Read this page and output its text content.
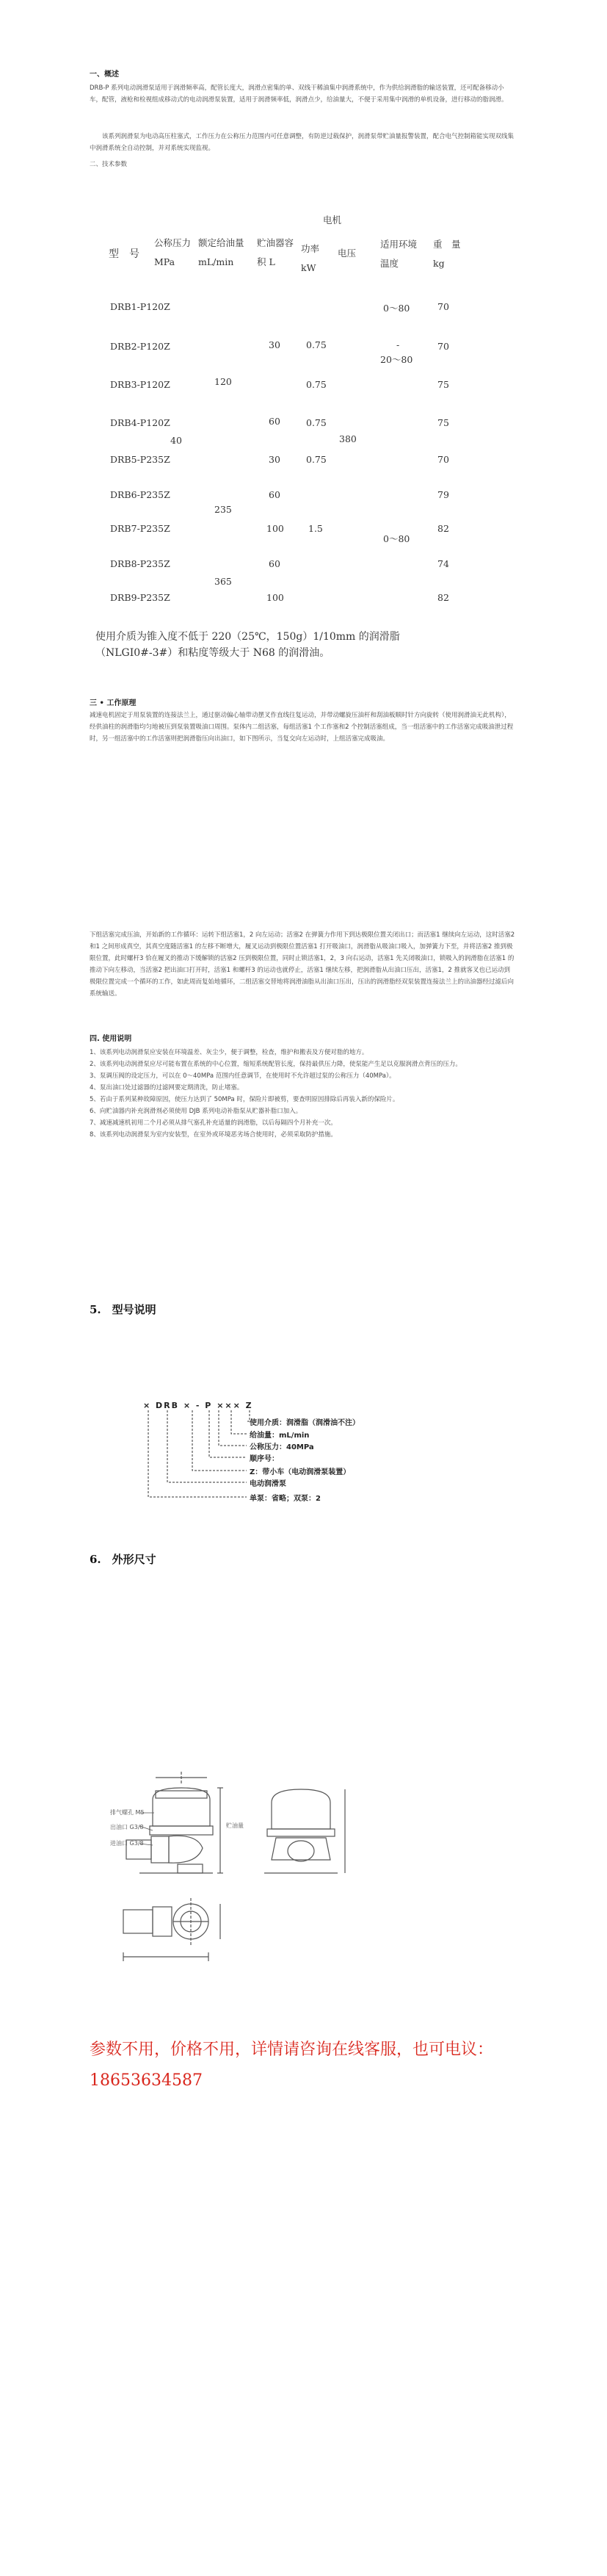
一、概述
DRB-P 系列电动润滑泵适用于润滑频率高，配管长度大，润滑点密集的单、双线干稀油集中润滑系统中，作为供给润滑脂的输送装置，还可配备移动小车，配管，液枪和检视组成移动式的电动润滑泵装置，适用于润滑频率低，润滑点少，给油量大，不便于采用集中润滑的单机设备，进行移动的脂润滑。
该系列润滑泵为电动高压柱塞式，工作压力在公称压力范围内可任意调整，有防逆过载保护，润滑泵带贮油量报警装置，配合电气控制箱能实现双线集中润滑系统全自动控制，并对系统实现监视。
二、技术参数
型　号
公称压力 MPa
额定给油量 mL/min
贮油器容积 L
电机
功率 kW
电压
适用环境温度
重　量 kg
DRB1-P120Z
DRB2-P120Z
DRB3-P120Z
DRB4-P120Z
DRB5-P235Z
DRB6-P235Z
DRB7-P235Z
DRB8-P235Z
DRB9-P235Z
40
120
235
365
30
60
30
60
100
60
100
0.75
0.75
0.75
0.75
1.5
380
0～80
-
20～80
0～80
70
70
75
75
70
79
82
74
82
使用介质为锥入度不低于 220（25℃，150g）1/10mm 的润滑脂（NLGI0#-3#）和粘度等级大于 N68 的润滑油。
三 • 工作原理
减速电机固定于用泵装置的连接法兰上，通过驱动偏心轴带动摆叉作直线往复运动，并带动螺旋压油杆和刮油板顺时针方向旋转（使用润滑油无此机构），经供油柱的润滑脂均匀地被压到泵装置吸油口周围。泵体内二组活塞，每组活塞1 个工作塞和2 个控制活塞组成，当一组活塞中的工作活塞完成吸油泄过程时，另一组活塞中的工作活塞则把润滑脂压向出油口，如下图所示，当复交向左运动时，上组活塞完成吸油。
下组活塞完成压油，开始新的工作循环：运转下组活塞1，2 向左运动；活塞2 在弹簧力作用下到达极限位置关闭出口；而活塞1 继续向左运动，这时活塞2 和1 之间形成真空，其真空度随活塞1 的左移不断增大，履叉运动到极限位置活塞1 打开吸油口，润滑脂从吸油口吸入，加弹簧力下至，并将活塞2 推到极限位置，此时螺杆3 恰在履叉的推动下缓解锁的活塞2 压到极限位置，同时止锁活塞1，2，3 向右运动，活塞1 先关闭吸油口，锁吸入的润滑脂在活塞1 的推动下向左移动，当活塞2 把出油口打开时，活塞1 和螺杆3 的运动也就停止，活塞1 继续左移，把润滑脂从出油口压出，活塞1，2 推就客叉也已运动到极限位置完成一个循环的工作，如此周而复始地循环，二组活塞交替地将润滑油脂从出油口压出，压出的润滑脂经双泵装置连接法兰上的出油器经过滤后向系统输送。
四. 使用说明
1、该系列电动润滑泵应安装在环境温差、灰尘少，便于调整，检查，维护和搬表及方便对脂的地方。
2、该系列电动润滑泵应尽可能布置在系统的中心位置，缩短系统配管长度，保持最供压力降，使泵能产生足以克服润滑点背压的压力。
3、泵调压阀的设定压力，可以在 0～40MPa 范围内任意调节，在使用时不允许超过泵的公称压力（40MPa）。
4、泵出油口处过滤器的过滤网要定期清洗，防止堵塞。
5、若由于系列某种故障原因，使压力达到了 50MPa 时，保险片即被剪，要查明原因排除后再装入新的保险片。
6、向贮油器内补充润滑剂必须使用 DJB 系列电动补脂泵从贮器补脂口加入。
7、减速减速机初用二个月必须从排气塞孔补充适量的润滑脂，以后每隔四个月补充一次。
8、该系列电动润滑泵为室内安装型，在室外或环境恶劣场合使用时，必须采取防护措施。
5.　型号说明
× DRB × - P ××× Z
使用介质：润滑脂（润滑油不注）
给油量：mL/min
公称压力：40MPa
顺序号：
Z：带小车（电动润滑泵装置）
电动润滑泵
单泵：省略；双泵：2
6.　外形尺寸
排气螺孔 M5
出油口 G3/8
进油口 G3/8
贮油量
参数不用，价格不用，详情请咨询在线客服，也可电议：18653634587
